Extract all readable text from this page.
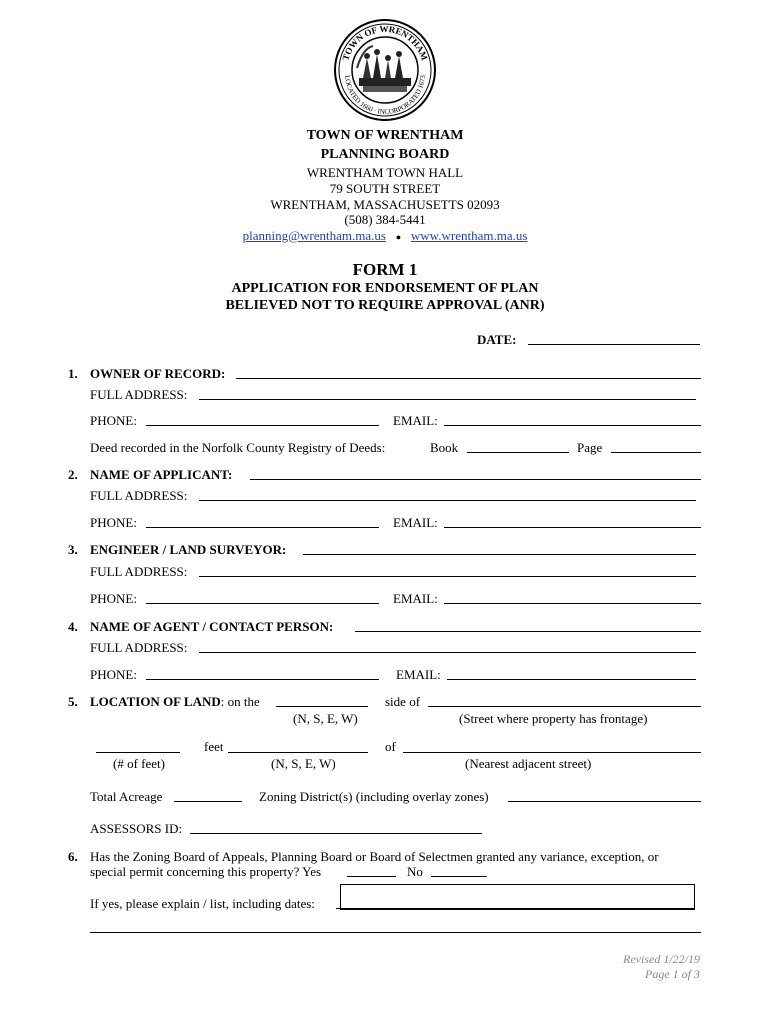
TOWN OF WRENTHAM
LOCATED 1660 · INCORPORATED 1673
TOWN OF WRENTHAM
PLANNING BOARD
WRENTHAM TOWN HALL
79 SOUTH STREET
WRENTHAM, MASSACHUSETTS 02093
(508) 384-5441
planning@wrentham.ma.us ● www.wrentham.ma.us
FORM 1
APPLICATION FOR ENDORSEMENT OF PLAN
BELIEVED NOT TO REQUIRE APPROVAL (ANR)
DATE:
1. OWNER OF RECORD:
FULL ADDRESS:
PHONE:	EMAIL:
Deed recorded in the Norfolk County Registry of Deeds:	Book	Page
2. NAME OF APPLICANT:
FULL ADDRESS:
PHONE:	EMAIL:
3. ENGINEER / LAND SURVEYOR:
FULL ADDRESS:
PHONE:	EMAIL:
4. NAME OF AGENT / CONTACT PERSON:
FULL ADDRESS:
PHONE:	EMAIL:
5. LOCATION OF LAND: on the	side of
(N, S, E, W)	(Street where property has frontage)
feet	of
(# of feet)	(N, S, E, W)	(Nearest adjacent street)
Total Acreage	Zoning District(s) (including overlay zones)
ASSESSORS ID:
6. Has the Zoning Board of Appeals, Planning Board or Board of Selectmen granted any variance, exception, or
special permit concerning this property? Yes	No
If yes, please explain / list, including dates:
Revised 1/22/19
Page 1 of 3
